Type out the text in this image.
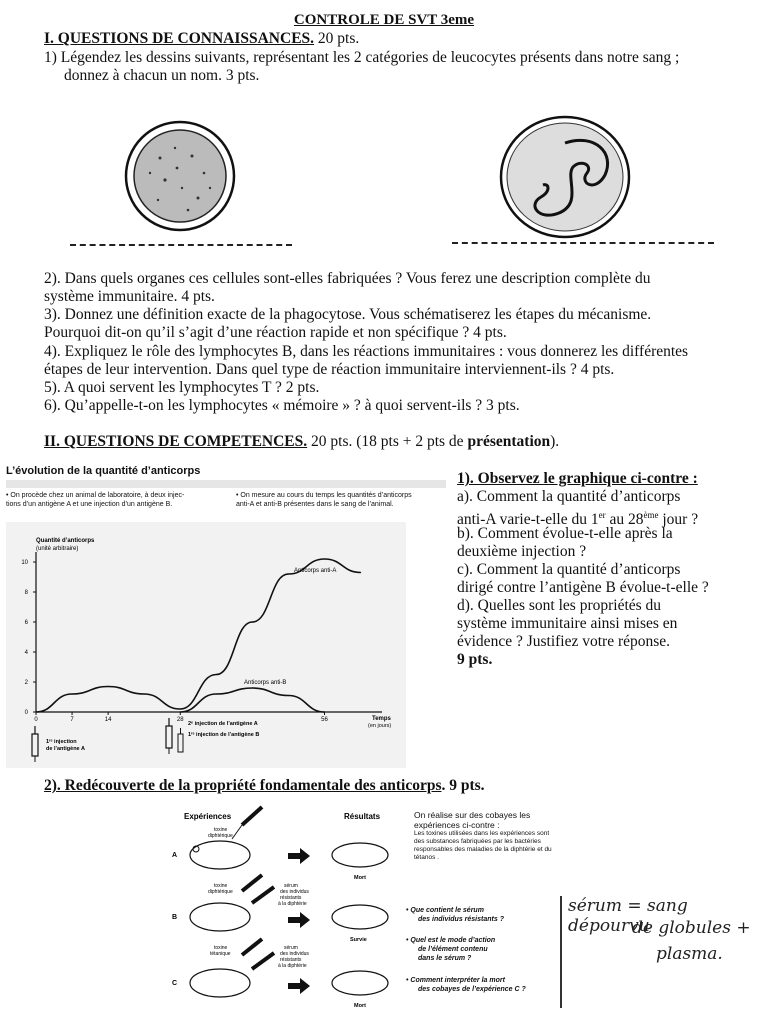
CONTROLE DE SVT 3eme
I. QUESTIONS DE CONNAISSANCES. 20 pts.
1) Légendez les dessins suivants, représentant les 2 catégories de leucocytes présents dans notre sang ;
donnez à chacun un nom. 3 pts.
2). Dans quels organes ces cellules sont-elles fabriquées ? Vous ferez une description complète du
système immunitaire. 4 pts.
3). Donnez une définition exacte de la phagocytose. Vous schématiserez les étapes du mécanisme.
Pourquoi dit-on qu’il s’agit d’une réaction rapide et non spécifique ? 4 pts.
4). Expliquez le rôle des lymphocytes B, dans les réactions immunitaires : vous donnerez les différentes
étapes de leur intervention. Dans quel type de réaction immunitaire interviennent-ils ? 4 pts.
5). A quoi servent les lymphocytes T ? 2 pts.
6). Qu’appelle-t-on les lymphocytes « mémoire » ? à quoi servent-ils ? 3 pts.
II. QUESTIONS DE COMPETENCES. 20 pts. (18 pts + 2 pts de présentation).
L’évolution de la quantité d’anticorps
• On procède chez un animal de laboratoire, à deux injec-
tions d’un antigène A et une injection d’un antigène B.
• On mesure au cours du temps les quantités d’anticorps
anti-A et anti-B présentes dans le sang de l’animal.
0
2
4
6
8
10
0	7	14	28	56
Quantité d’anticorps
(unité arbitraire)
Temps
(en jours)
Anticorps anti-A
Anticorps anti-B
1ʳᵉ injection
de l’antigène A
2ᵉ injection de l’antigène A
1ʳᵉ injection de l’antigène B
1). Observez le graphique ci-contre :
a). Comment la quantité d’anticorps
anti-A varie-t-elle du 1er au 28ème jour ?
b). Comment évolue-t-elle après la
deuxième injection ?
c). Comment la quantité d’anticorps
dirigé contre l’antigène B évolue-t-elle ?
d). Quelles sont les propriétés du
système immunitaire ainsi mises en
évidence ? Justifiez votre réponse.
9 pts.
2). Redécouverte de la propriété fondamentale des anticorps. 9 pts.
Expériences	Résultats
toxine
diphtérique
A
Mort
toxine
diphtérique
sérum
des individus
résistants
à la diphtérie
B
Survie
toxine
tétanique
sérum
des individus
résistants
à la diphtérie
C
Mort
On réalise sur des cobayes les
expériences ci-contre :
Les toxines utilisées dans les expériences sont
des substances fabriquées par les bactéries
responsables des maladies de la diphtérie et du
tétanos .
• Que contient le sérum
des individus résistants ?
• Quel est le mode d’action
de l’élément contenu
dans le sérum ?
• Comment interpréter la mort
des cobayes de l’expérience C ?
sérum = sang dépourvu
de globules +
plasma.
